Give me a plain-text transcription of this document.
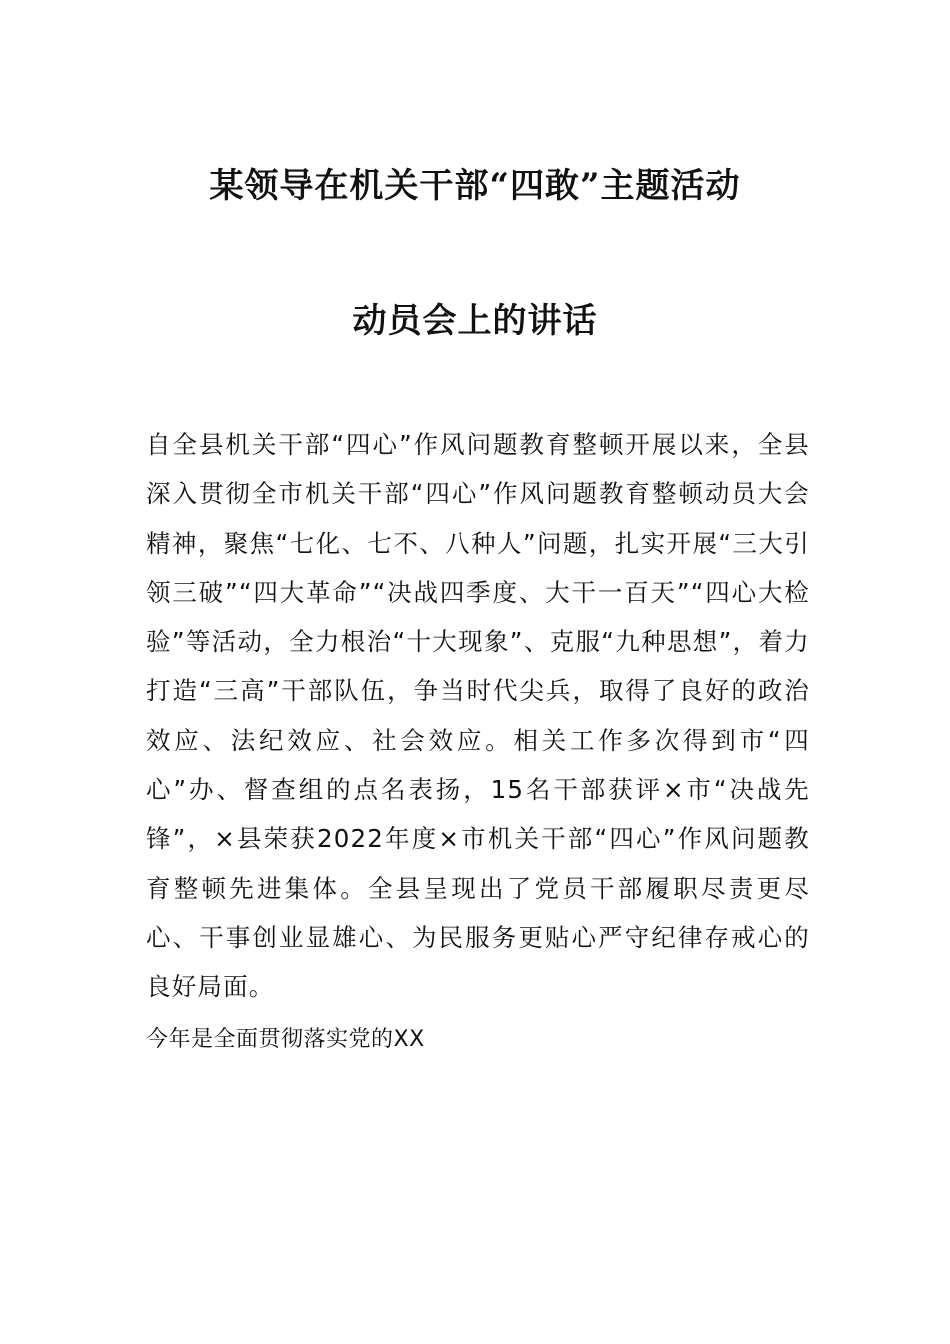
某领导在机关干部“四敢”主题活动
动员会上的讲话
自全县机关干部“四心”作风问题教育整顿开展以来，全县深入贯彻全市机关干部“四心”作风问题教育整顿动员大会精神，聚焦“七化、七不、八种人”问题，扎实开展“三大引领三破”“四大革命”“决战四季度、大干一百天”“四心大检验”等活动，全力根治“十大现象”、克服“九种思想”，着力打造“三高”干部队伍，争当时代尖兵，取得了良好的政治效应、法纪效应、社会效应。相关工作多次得到市“四心”办、督查组的点名表扬，15名干部获评×市“决战先锋”，×县荣获2022年度×市机关干部“四心”作风问题教育整顿先进集体。全县呈现出了党员干部履职尽责更尽心、干事创业显雄心、为民服务更贴心严守纪律存戒心的良好局面。
今年是全面贯彻落实党的XX
